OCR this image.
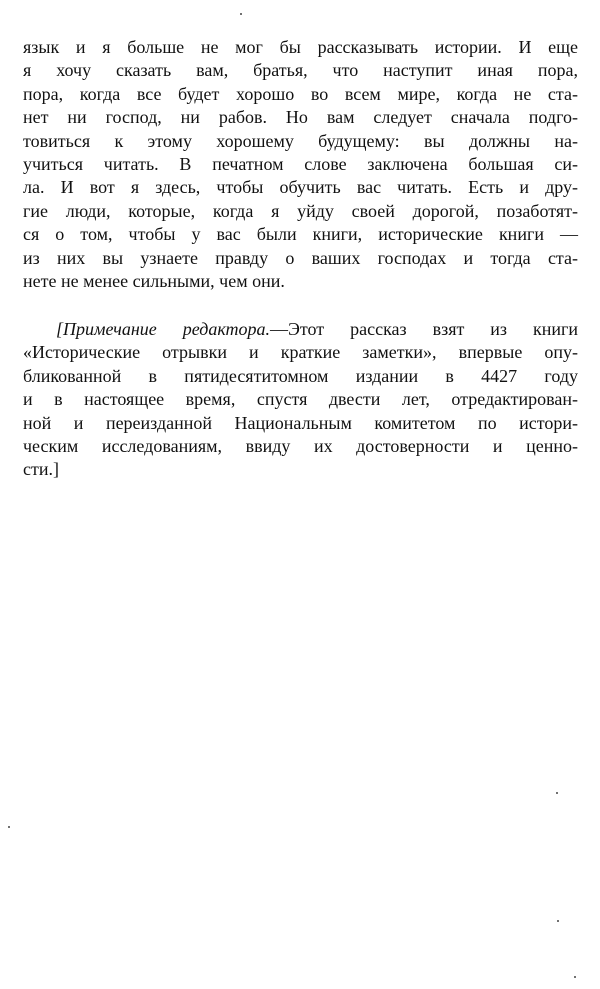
язык и я больше не мог бы рассказывать истории. И еще
я хочу сказать вам, братья, что наступит иная пора,
пора, когда все будет хорошо во всем мире, когда не ста-
нет ни господ, ни рабов. Но вам следует сначала подго-
товиться к этому хорошему будущему: вы должны на-
учиться читать. В печатном слове заключена большая си-
ла. И вот я здесь, чтобы обучить вас читать. Есть и дру-
гие люди, которые, когда я уйду своей дорогой, позаботят-
ся о том, чтобы у вас были книги, исторические книги —
из них вы узнаете правду о ваших господах и тогда ста-
нете не менее сильными, чем они.
[Примечание редактора.—Этот рассказ взят из книги
«Исторические отрывки и краткие заметки», впервые опу-
бликованной в пятидесятитомном издании в 4427 году
и в настоящее время, спустя двести лет, отредактирован-
ной и переизданной Национальным комитетом по истори-
ческим исследованиям, ввиду их достоверности и ценно-
сти.]
